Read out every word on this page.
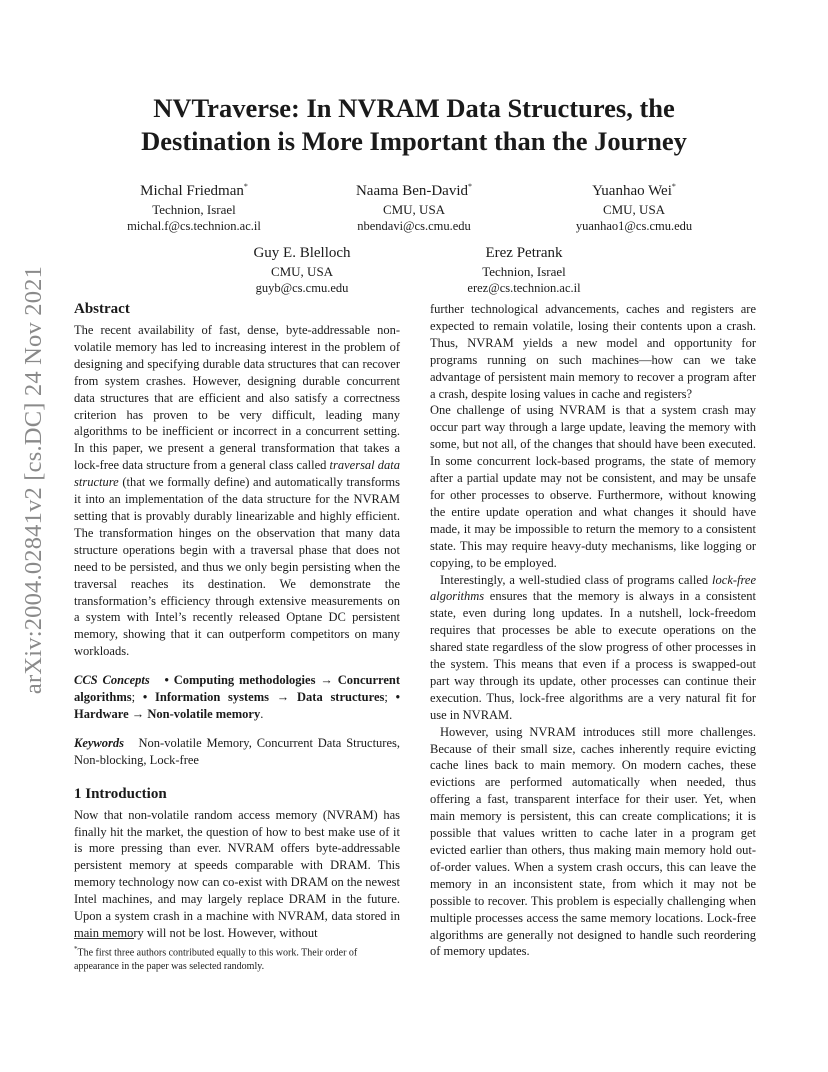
arXiv:2004.02841v2 [cs.DC] 24 Nov 2021
NVTraverse: In NVRAM Data Structures, the
Destination is More Important than the Journey
Michal Friedman*
Technion, Israel
michal.f@cs.technion.ac.il
Naama Ben-David*
CMU, USA
nbendavi@cs.cmu.edu
Yuanhao Wei*
CMU, USA
yuanhao1@cs.cmu.edu
Guy E. Blelloch
CMU, USA
guyb@cs.cmu.edu
Erez Petrank
Technion, Israel
erez@cs.technion.ac.il
Abstract

The recent availability of fast, dense, byte-addressable non-volatile memory has led to increasing interest in the problem of designing and specifying durable data structures that can recover from system crashes. However, designing durable concurrent data structures that are efficient and also satisfy a correctness criterion has proven to be very difficult, leading many algorithms to be inefficient or incorrect in a concurrent setting. In this paper, we present a general transformation that takes a lock-free data structure from a general class called traversal data structure (that we formally define) and automatically transforms it into an implementation of the data structure for the NVRAM setting that is provably durably linearizable and highly efficient. The transformation hinges on the observation that many data structure operations begin with a traversal phase that does not need to be persisted, and thus we only begin persisting when the traversal reaches its destination. We demonstrate the transformation’s efficiency through extensive measurements on a system with Intel’s recently released Optane DC persistent memory, showing that it can outperform competitors on many workloads.

CCS Concepts • Computing methodologies → Concurrent algorithms; • Information systems → Data structures; • Hardware → Non-volatile memory.

Keywords Non-volatile Memory, Concurrent Data Structures, Non-blocking, Lock-free

1 Introduction

Now that non-volatile random access memory (NVRAM) has finally hit the market, the question of how to best make use of it is more pressing than ever. NVRAM offers byte-addressable persistent memory at speeds comparable with DRAM. This memory technology now can co-exist with DRAM on the newest Intel machines, and may largely replace DRAM in the future. Upon a system crash in a machine with NVRAM, data stored in main memory will not be lost. However, without

further technological advancements, caches and registers are expected to remain volatile, losing their contents upon a crash. Thus, NVRAM yields a new model and opportunity for programs running on such machines—how can we take advantage of persistent main memory to recover a program after a crash, despite losing values in cache and registers?

One challenge of using NVRAM is that a system crash may occur part way through a large update, leaving the memory with some, but not all, of the changes that should have been executed. In some concurrent lock-based programs, the state of memory after a partial update may not be consistent, and may be unsafe for other processes to observe. Furthermore, without knowing the entire update operation and what changes it should have made, it may be impossible to return the memory to a consistent state. This may require heavy-duty mechanisms, like logging or copying, to be employed.

Interestingly, a well-studied class of programs called lock-free algorithms ensures that the memory is always in a consistent state, even during long updates. In a nutshell, lock-freedom requires that processes be able to execute operations on the shared state regardless of the slow progress of other processes in the system. This means that even if a process is swapped-out part way through its update, other processes can continue their execution. Thus, lock-free algorithms are a very natural fit for use in NVRAM.

However, using NVRAM introduces still more challenges. Because of their small size, caches inherently require evicting cache lines back to main memory. On modern caches, these evictions are performed automatically when needed, thus offering a fast, transparent interface for their user. Yet, when main memory is persistent, this can create complications; it is possible that values written to cache later in a program get evicted earlier than others, thus making main memory hold out-of-order values. When a system crash occurs, this can leave the memory in an inconsistent state, from which it may not be possible to recover. This problem is especially challenging when multiple processes access the same memory locations. Lock-free algorithms are generally not designed to handle such reordering of memory updates.

*The first three authors contributed equally to this work. Their order of appearance in the paper was selected randomly.
